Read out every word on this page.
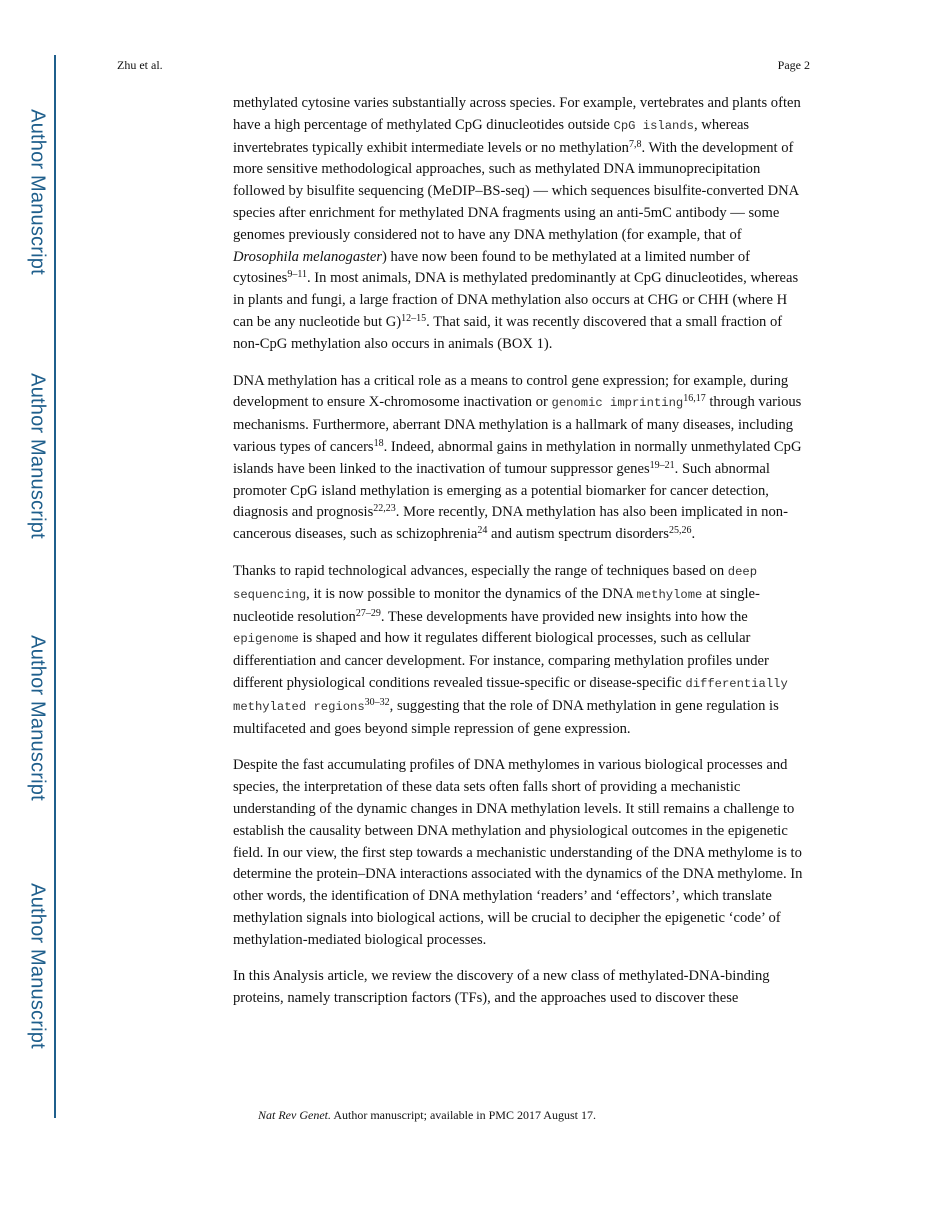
Author Manuscript
Author Manuscript
Author Manuscript
Author Manuscript
Zhu et al.	Page 2

methylated cytosine varies substantially across species. For example, vertebrates and plants often have a high percentage of methylated CpG dinucleotides outside CpG islands, whereas invertebrates typically exhibit intermediate levels or no methylation$^{7,8}$. With the development of more sensitive methodological approaches, such as methylated DNA immunoprecipitation followed by bisulfite sequencing (MeDIP–BS-seq) — which sequences bisulfite-converted DNA species after enrichment for methylated DNA fragments using an anti-5mC antibody — some genomes previously considered not to have any DNA methylation (for example, that of Drosophila melanogaster) have now been found to be methylated at a limited number of cytosines$^{9-11}$. In most animals, DNA is methylated predominantly at CpG dinucleotides, whereas in plants and fungi, a large fraction of DNA methylation also occurs at CHG or CHH (where H can be any nucleotide but G)$^{12-15}$. That said, it was recently discovered that a small fraction of non-CpG methylation also occurs in animals (BOX 1).

DNA methylation has a critical role as a means to control gene expression; for example, during development to ensure X-chromosome inactivation or genomic imprinting$^{16,17}$ through various mechanisms. Furthermore, aberrant DNA methylation is a hallmark of many diseases, including various types of cancers$^{18}$. Indeed, abnormal gains in methylation in normally unmethylated CpG islands have been linked to the inactivation of tumour suppressor genes$^{19-21}$. Such abnormal promoter CpG island methylation is emerging as a potential biomarker for cancer detection, diagnosis and prognosis$^{22,23}$. More recently, DNA methylation has also been implicated in non-cancerous diseases, such as schizophrenia$^{24}$ and autism spectrum disorders$^{25,26}$.

Thanks to rapid technological advances, especially the range of techniques based on deep sequencing, it is now possible to monitor the dynamics of the DNA methylome at single-nucleotide resolution$^{27-29}$. These developments have provided new insights into how the epigenome is shaped and how it regulates different biological processes, such as cellular differentiation and cancer development. For instance, comparing methylation profiles under different physiological conditions revealed tissue-specific or disease-specific differentially methylated regions$^{30-32}$, suggesting that the role of DNA methylation in gene regulation is multifaceted and goes beyond simple repression of gene expression.

Despite the fast accumulating profiles of DNA methylomes in various biological processes and species, the interpretation of these data sets often falls short of providing a mechanistic understanding of the dynamic changes in DNA methylation levels. It still remains a challenge to establish the causality between DNA methylation and physiological outcomes in the epigenetic field. In our view, the first step towards a mechanistic understanding of the DNA methylome is to determine the protein–DNA interactions associated with the dynamics of the DNA methylome. In other words, the identification of DNA methylation ‘readers’ and ‘effectors’, which translate methylation signals into biological actions, will be crucial to decipher the epigenetic ‘code’ of methylation-mediated biological processes.

In this Analysis article, we review the discovery of a new class of methylated-DNA-binding proteins, namely transcription factors (TFs), and the approaches used to discover these

Nat Rev Genet. Author manuscript; available in PMC 2017 August 17.
